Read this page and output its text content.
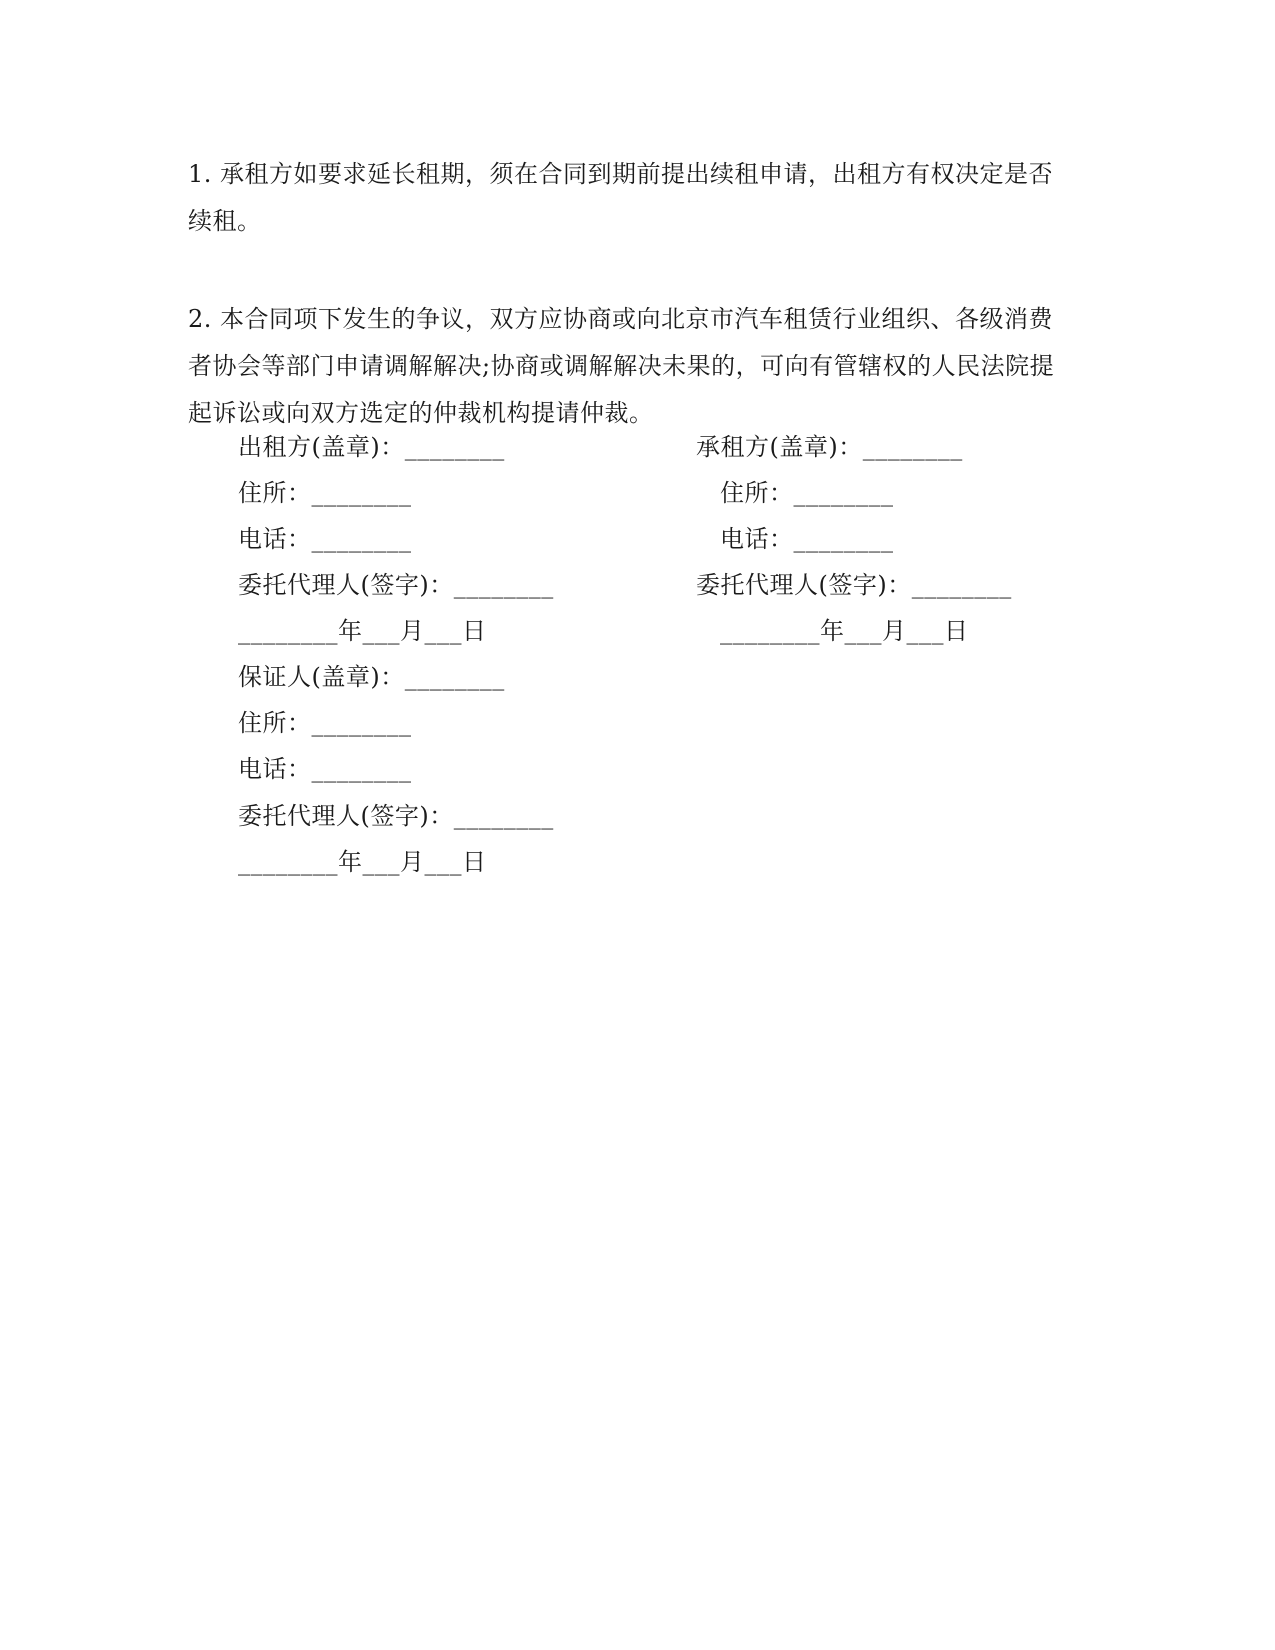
1. 承租方如要求延长租期，须在合同到期前提出续租申请，出租方有权决定是否
续租。

2. 本合同项下发生的争议，双方应协商或向北京市汽车租赁行业组织、各级消费
者协会等部门申请调解解决;协商或调解解决未果的，可向有管辖权的人民法院提
起诉讼或向双方选定的仲裁机构提请仲裁。

出租方(盖章)：________
住所：________
电话：________
委托代理人(签字)：________
________年___月___日
承租方(盖章)：________
住所：________
电话：________
委托代理人(签字)：________
________年___月___日
保证人(盖章)：________
住所：________
电话：________
委托代理人(签字)：________
________年___月___日
